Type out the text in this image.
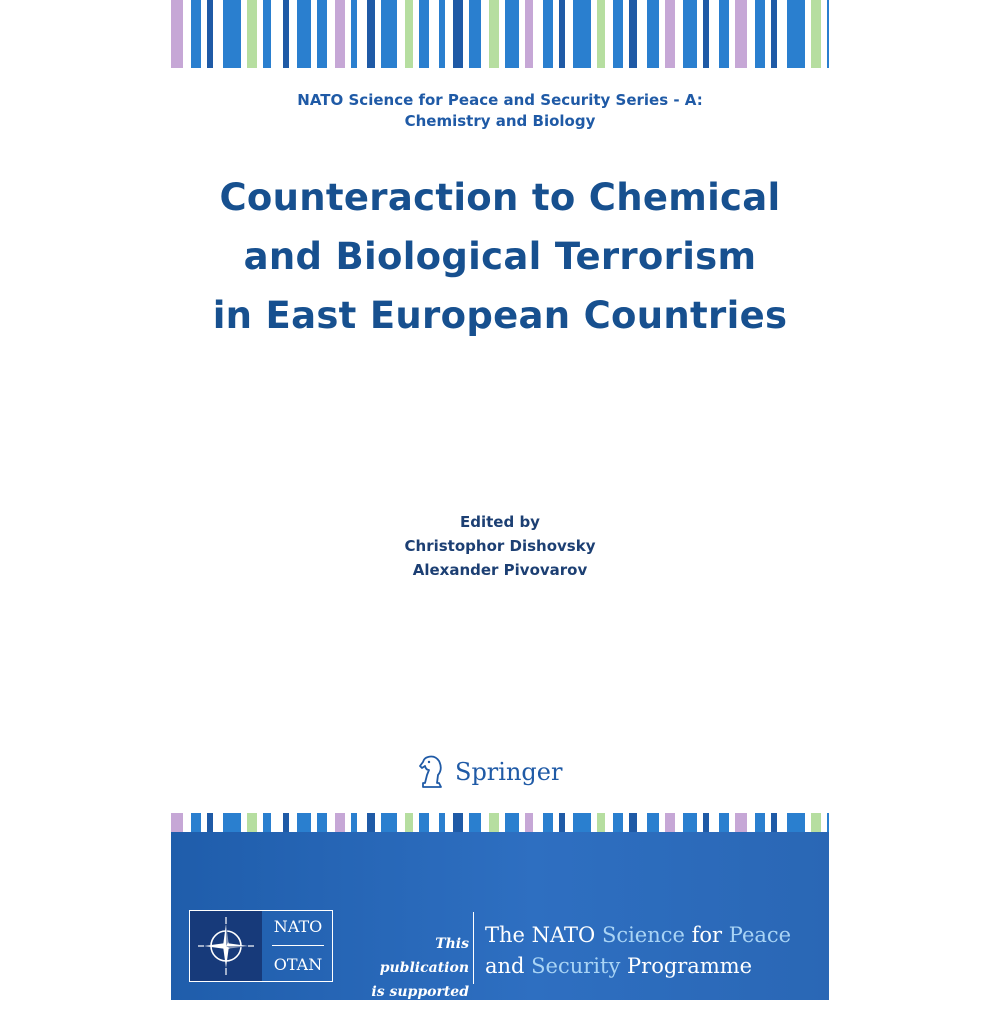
NATO Science for Peace and Security Series - A:
Chemistry and Biology
Counteraction to Chemical
and Biological Terrorism
in East European Countries
Edited by
Christophor Dishovsky
Alexander Pivovarov
Springer
NATO
OTAN
This publication
is supported by:
The NATO Science for Peace
and Security Programme
